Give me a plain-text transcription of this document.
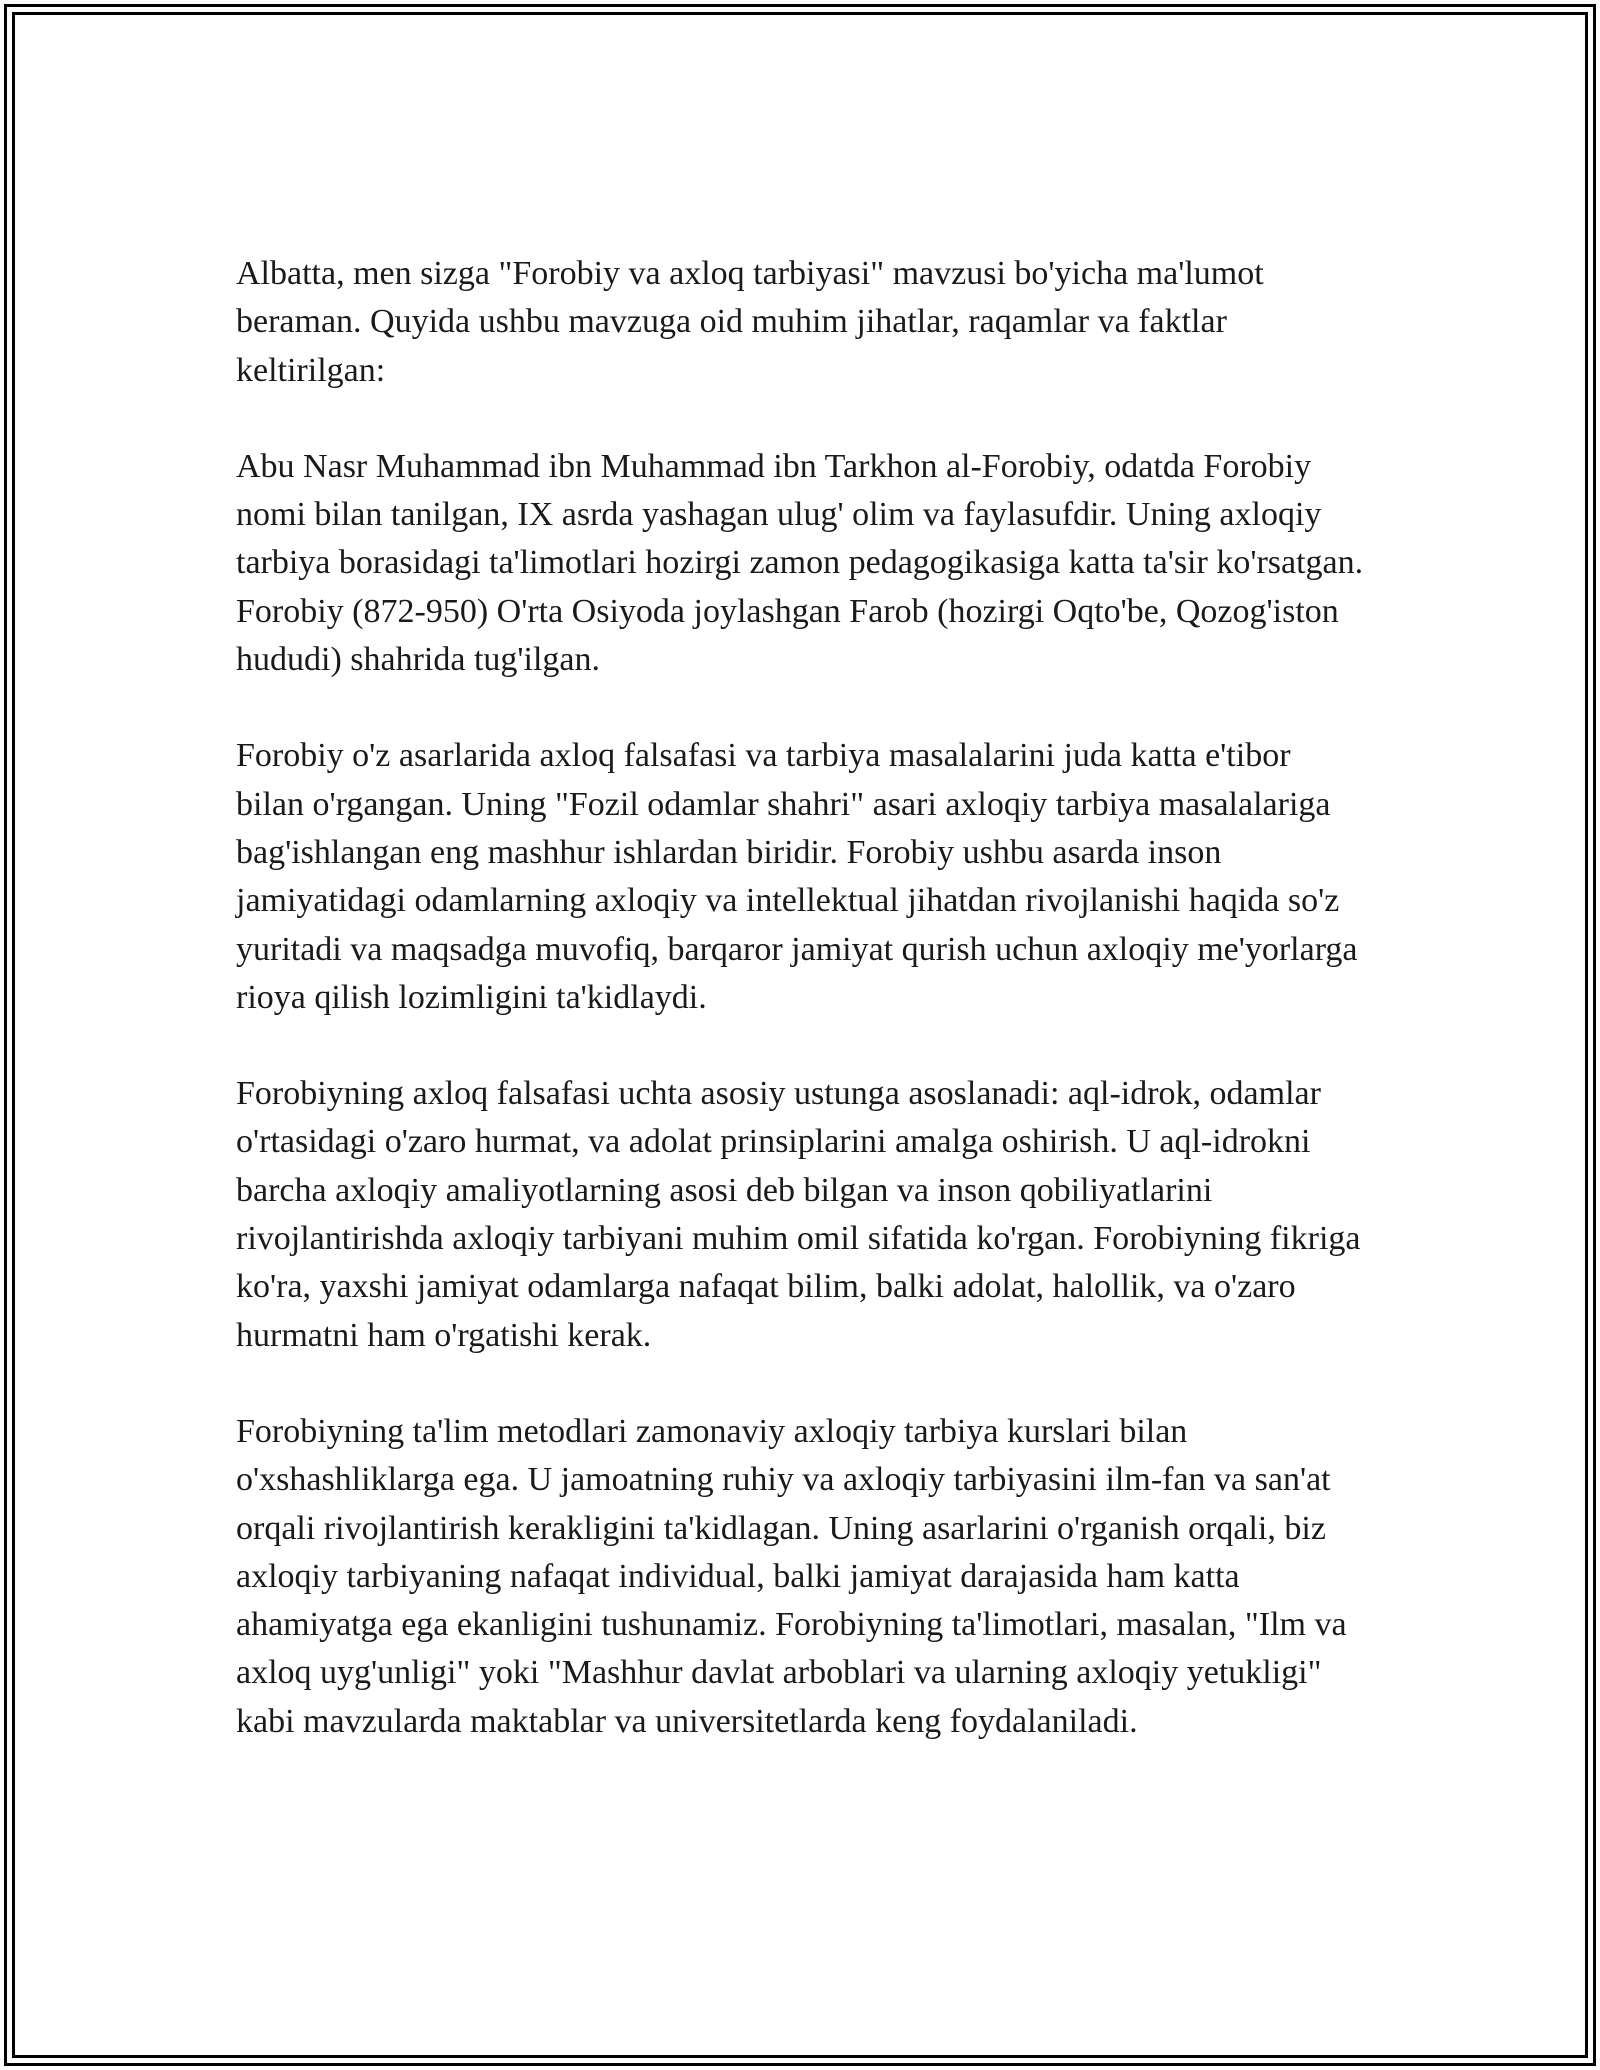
Albatta, men sizga "Forobiy va axloq tarbiyasi" mavzusi bo'yicha ma'lumot beraman. Quyida ushbu mavzuga oid muhim jihatlar, raqamlar va faktlar keltirilgan:

Abu Nasr Muhammad ibn Muhammad ibn Tarkhon al-Forobiy, odatda Forobiy nomi bilan tanilgan, IX asrda yashagan ulug' olim va faylasufdir. Uning axloqiy tarbiya borasidagi ta'limotlari hozirgi zamon pedagogikasiga katta ta'sir ko'rsatgan. Forobiy (872-950) O'rta Osiyoda joylashgan Farob (hozirgi Oqto'be, Qozog'iston hududi) shahrida tug'ilgan.

Forobiy o'z asarlarida axloq falsafasi va tarbiya masalalarini juda katta e'tibor bilan o'rgangan. Uning "Fozil odamlar shahri" asari axloqiy tarbiya masalalariga bag'ishlangan eng mashhur ishlardan biridir. Forobiy ushbu asarda inson jamiyatidagi odamlarning axloqiy va intellektual jihatdan rivojlanishi haqida so'z yuritadi va maqsadga muvofiq, barqaror jamiyat qurish uchun axloqiy me'yorlarga rioya qilish lozimligini ta'kidlaydi.

Forobiyning axloq falsafasi uchta asosiy ustunga asoslanadi: aql-idrok, odamlar o'rtasidagi o'zaro hurmat, va adolat prinsiplarini amalga oshirish. U aql-idrokni barcha axloqiy amaliyotlarning asosi deb bilgan va inson qobiliyatlarini rivojlantirishda axloqiy tarbiyani muhim omil sifatida ko'rgan. Forobiyning fikriga ko'ra, yaxshi jamiyat odamlarga nafaqat bilim, balki adolat, halollik, va o'zaro hurmatni ham o'rgatishi kerak.

Forobiyning ta'lim metodlari zamonaviy axloqiy tarbiya kurslari bilan o'xshashliklarga ega. U jamoatning ruhiy va axloqiy tarbiyasini ilm-fan va san'at orqali rivojlantirish kerakligini ta'kidlagan. Uning asarlarini o'rganish orqali, biz axloqiy tarbiyaning nafaqat individual, balki jamiyat darajasida ham katta ahamiyatga ega ekanligini tushunamiz. Forobiyning ta'limotlari, masalan, "Ilm va axloq uyg'unligi" yoki "Mashhur davlat arboblari va ularning axloqiy yetukligi" kabi mavzularda maktablar va universitetlarda keng foydalaniladi.
